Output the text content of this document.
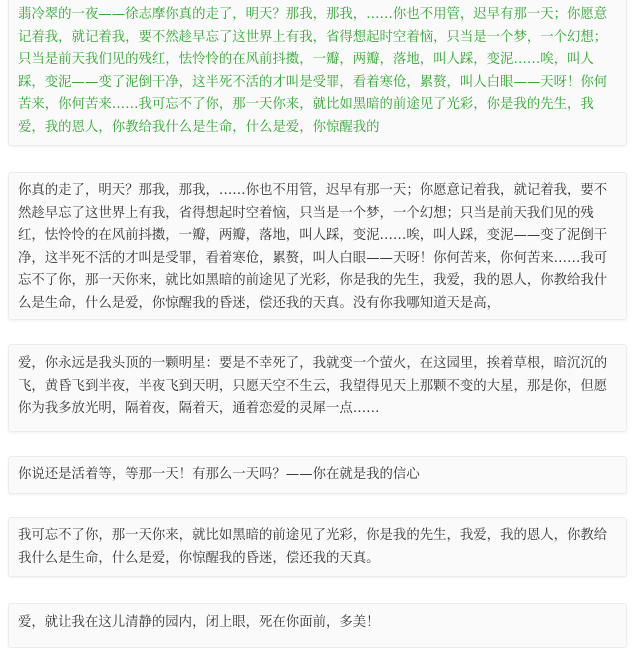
翡冷翠的一夜——徐志摩你真的走了，明天？那我，那我，……你也不用管，迟早有那一天；你愿意记着我，就记着我，要不然趁早忘了这世界上有我，省得想起时空着恼，只当是一个梦，一个幻想；只当是前天我们见的残红，怯怜怜的在风前抖擞，一瓣，两瓣，落地，叫人踩，变泥……唉，叫人踩，变泥——变了泥倒干净，这半死不活的才叫是受罪，看着寒伧，累赘，叫人白眼——天呀！你何苦来，你何苦来……我可忘不了你，那一天你来，就比如黑暗的前途见了光彩，你是我的先生，我爱，我的恩人，你教给我什么是生命，什么是爱，你惊醒我的

你真的走了，明天？那我，那我，……你也不用管，迟早有那一天；你愿意记着我，就记着我，要不然趁早忘了这世界上有我，省得想起时空着恼，只当是一个梦，一个幻想；只当是前天我们见的残红，怯怜怜的在风前抖擞，一瓣，两瓣，落地，叫人踩，变泥……唉，叫人踩，变泥——变了泥倒干净，这半死不活的才叫是受罪，看着寒伧，累赘，叫人白眼——天呀！你何苦来，你何苦来……我可忘不了你，那一天你来，就比如黑暗的前途见了光彩，你是我的先生，我爱，我的恩人，你教给我什么是生命，什么是爱，你惊醒我的昏迷，偿还我的天真。没有你我哪知道天是高，

爱，你永远是我头顶的一颗明星：要是不幸死了，我就变一个萤火，在这园里，挨着草根，暗沉沉的飞，黄昏飞到半夜，半夜飞到天明，只愿天空不生云，我望得见天上那颗不变的大星，那是你，但愿你为我多放光明，隔着夜，隔着天，通着恋爱的灵犀一点……

你说还是活着等，等那一天！有那么一天吗？——你在就是我的信心

我可忘不了你，那一天你来，就比如黑暗的前途见了光彩，你是我的先生，我爱，我的恩人，你教给我什么是生命，什么是爱，你惊醒我的昏迷，偿还我的天真。

爱，就让我在这儿清静的园内，闭上眼，死在你面前，多美！
